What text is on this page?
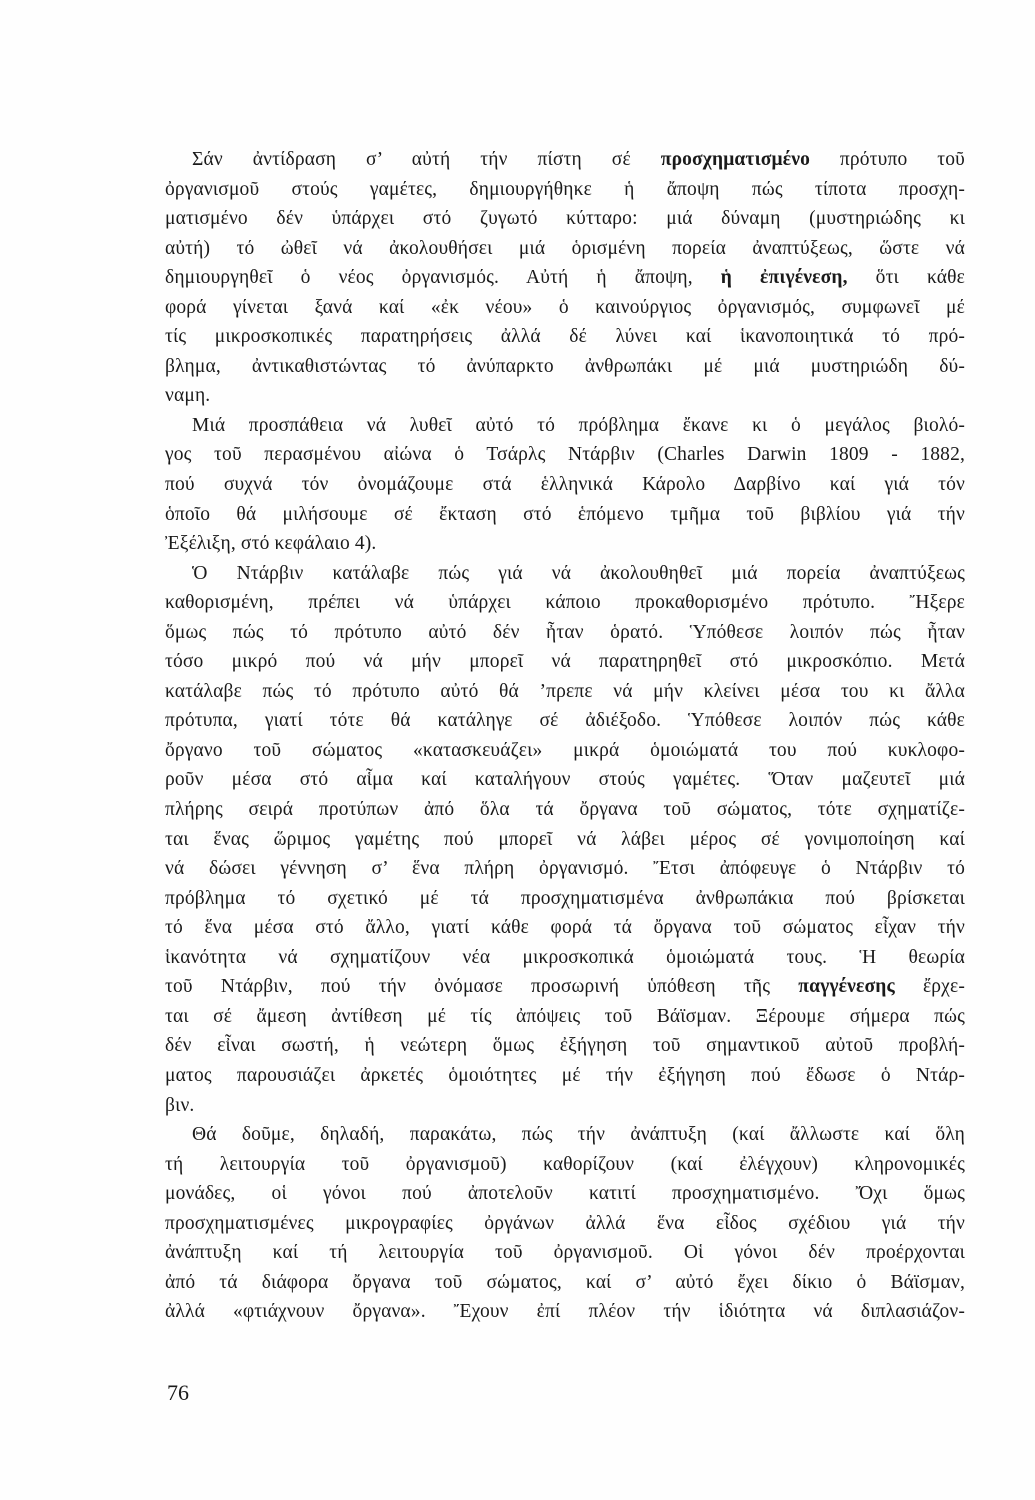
Σάν ἀντίδραση σ’ αὐτή τήν πίστη σέ προσχηματισμένο πρότυπο τοῦ
ὀργανισμοῦ στούς γαμέτες, δημιουργήθηκε ἡ ἄποψη πώς τίποτα προσχη-
ματισμένο δέν ὑπάρχει στό ζυγωτό κύτταρο: μιά δύναμη (μυστηριώδης κι
αὐτή) τό ὠθεῖ νά ἀκολουθήσει μιά ὁρισμένη πορεία ἀναπτύξεως, ὥστε νά
δημιουργηθεῖ ὁ νέος ὀργανισμός. Αὐτή ἡ ἄποψη, ἡ ἐπιγένεση, ὅτι κάθε
φορά γίνεται ξανά καί «ἐκ νέου» ὁ καινούργιος ὀργανισμός, συμφωνεῖ μέ
τίς μικροσκοπικές παρατηρήσεις ἀλλά δέ λύνει καί ἱκανοποιητικά τό πρό-
βλημα, ἀντικαθιστώντας τό ἀνύπαρκτο ἀνθρωπάκι μέ μιά μυστηριώδη δύ-
ναμη.
Μιά προσπάθεια νά λυθεῖ αὐτό τό πρόβλημα ἔκανε κι ὁ μεγάλος βιολό-
γος τοῦ περασμένου αἰώνα ὁ Τσάρλς Ντάρβιν (Charles Darwin 1809 - 1882,
πού συχνά τόν ὀνομάζουμε στά ἑλληνικά Κάρολο Δαρβίνο καί γιά τόν
ὁποῖο θά μιλήσουμε σέ ἔκταση στό ἑπόμενο τμῆμα τοῦ βιβλίου γιά τήν
Ἐξέλιξη, στό κεφάλαιο 4).
Ὁ Ντάρβιν κατάλαβε πώς γιά νά ἀκολουθηθεῖ μιά πορεία ἀναπτύξεως
καθορισμένη, πρέπει νά ὑπάρχει κάποιο προκαθορισμένο πρότυπο. Ἤξερε
ὅμως πώς τό πρότυπο αὐτό δέν ἦταν ὁρατό. Ὑπόθεσε λοιπόν πώς ἦταν
τόσο μικρό πού νά μήν μπορεῖ νά παρατηρηθεῖ στό μικροσκόπιο. Μετά
κατάλαβε πώς τό πρότυπο αὐτό θά ’πρεπε νά μήν κλείνει μέσα του κι ἄλλα
πρότυπα, γιατί τότε θά κατάληγε σέ ἀδιέξοδο. Ὑπόθεσε λοιπόν πώς κάθε
ὄργανο τοῦ σώματος «κατασκευάζει» μικρά ὁμοιώματά του πού κυκλοφο-
ροῦν μέσα στό αἷμα καί καταλήγουν στούς γαμέτες. Ὅταν μαζευτεῖ μιά
πλήρης σειρά προτύπων ἀπό ὅλα τά ὄργανα τοῦ σώματος, τότε σχηματίζε-
ται ἕνας ὥριμος γαμέτης πού μπορεῖ νά λάβει μέρος σέ γονιμοποίηση καί
νά δώσει γέννηση σ’ ἕνα πλήρη ὀργανισμό. Ἔτσι ἀπόφευγε ὁ Ντάρβιν τό
πρόβλημα τό σχετικό μέ τά προσχηματισμένα ἀνθρωπάκια πού βρίσκεται
τό ἕνα μέσα στό ἄλλο, γιατί κάθε φορά τά ὄργανα τοῦ σώματος εἶχαν τήν
ἱκανότητα νά σχηματίζουν νέα μικροσκοπικά ὁμοιώματά τους. Ἡ θεωρία
τοῦ Ντάρβιν, πού τήν ὀνόμασε προσωρινή ὑπόθεση τῆς παγγένεσης ἔρχε-
ται σέ ἄμεση ἀντίθεση μέ τίς ἀπόψεις τοῦ Βάϊσμαν. Ξέρουμε σήμερα πώς
δέν εἶναι σωστή, ἡ νεώτερη ὅμως ἐξήγηση τοῦ σημαντικοῦ αὐτοῦ προβλή-
ματος παρουσιάζει ἀρκετές ὁμοιότητες μέ τήν ἐξήγηση πού ἔδωσε ὁ Ντάρ-
βιν.
Θά δοῦμε, δηλαδή, παρακάτω, πώς τήν ἀνάπτυξη (καί ἄλλωστε καί ὅλη
τή λειτουργία τοῦ ὀργανισμοῦ) καθορίζουν (καί ἐλέγχουν) κληρονομικές
μονάδες, οἱ γόνοι πού ἀποτελοῦν κατιτί προσχηματισμένο. Ὄχι ὅμως
προσχηματισμένες μικρογραφίες ὀργάνων ἀλλά ἕνα εἶδος σχέδιου γιά τήν
ἀνάπτυξη καί τή λειτουργία τοῦ ὀργανισμοῦ. Οἱ γόνοι δέν προέρχονται
ἀπό τά διάφορα ὄργανα τοῦ σώματος, καί σ’ αὐτό ἔχει δίκιο ὁ Βάϊσμαν,
ἀλλά «φτιάχνουν ὄργανα». Ἔχουν ἐπί πλέον τήν ἱδιότητα νά διπλασιάζον-
76
